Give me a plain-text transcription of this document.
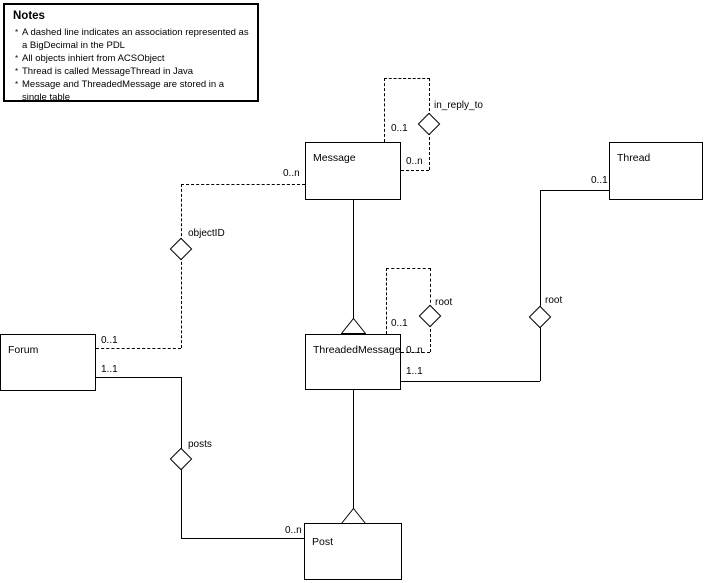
Notes
* A dashed line indicates an association represented as a BigDecimal in the PDL
* All objects inhiert from ACSObject
* Thread is called MessageThread in Java
* Message and ThreadedMessage are stored in a single table
in_reply_to
0..1
0..n
objectID
0..n
0..1
posts
1..1
0..n
root
0..1
1..1
root
0..1
0..n
Message	Thread
Forum	ThreadedMessage
Post
